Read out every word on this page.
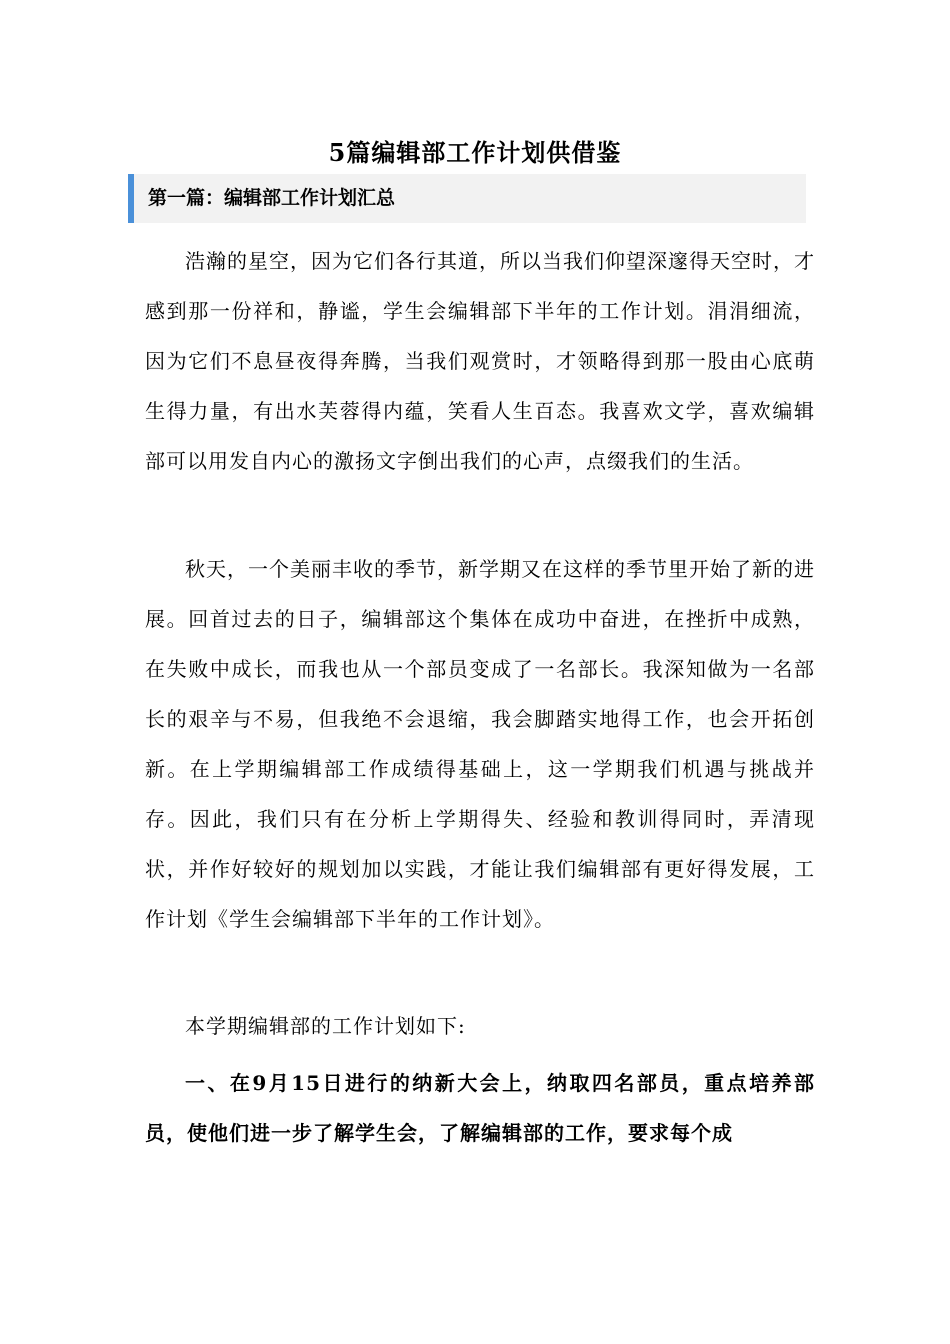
5篇编辑部工作计划供借鉴
第一篇：编辑部工作计划汇总

浩瀚的星空，因为它们各行其道，所以当我们仰望深邃得天空时，才感到那一份祥和，静谧，学生会编辑部下半年的工作计划。涓涓细流，因为它们不息昼夜得奔腾，当我们观赏时，才领略得到那一股由心底萌生得力量，有出水芙蓉得内蕴，笑看人生百态。我喜欢文学，喜欢编辑部可以用发自内心的激扬文字倒出我们的心声，点缀我们的生活。

秋天，一个美丽丰收的季节，新学期又在这样的季节里开始了新的进展。回首过去的日子，编辑部这个集体在成功中奋进，在挫折中成熟，在失败中成长，而我也从一个部员变成了一名部长。我深知做为一名部长的艰辛与不易，但我绝不会退缩，我会脚踏实地得工作，也会开拓创新。在上学期编辑部工作成绩得基础上，这一学期我们机遇与挑战并存。因此，我们只有在分析上学期得失、经验和教训得同时，弄清现状，并作好较好的规划加以实践，才能让我们编辑部有更好得发展，工作计划《学生会编辑部下半年的工作计划》。

本学期编辑部的工作计划如下:

一、在9月15日进行的纳新大会上，纳取四名部员，重点培养部员，使他们进一步了解学生会，了解编辑部的工作，要求每个成
